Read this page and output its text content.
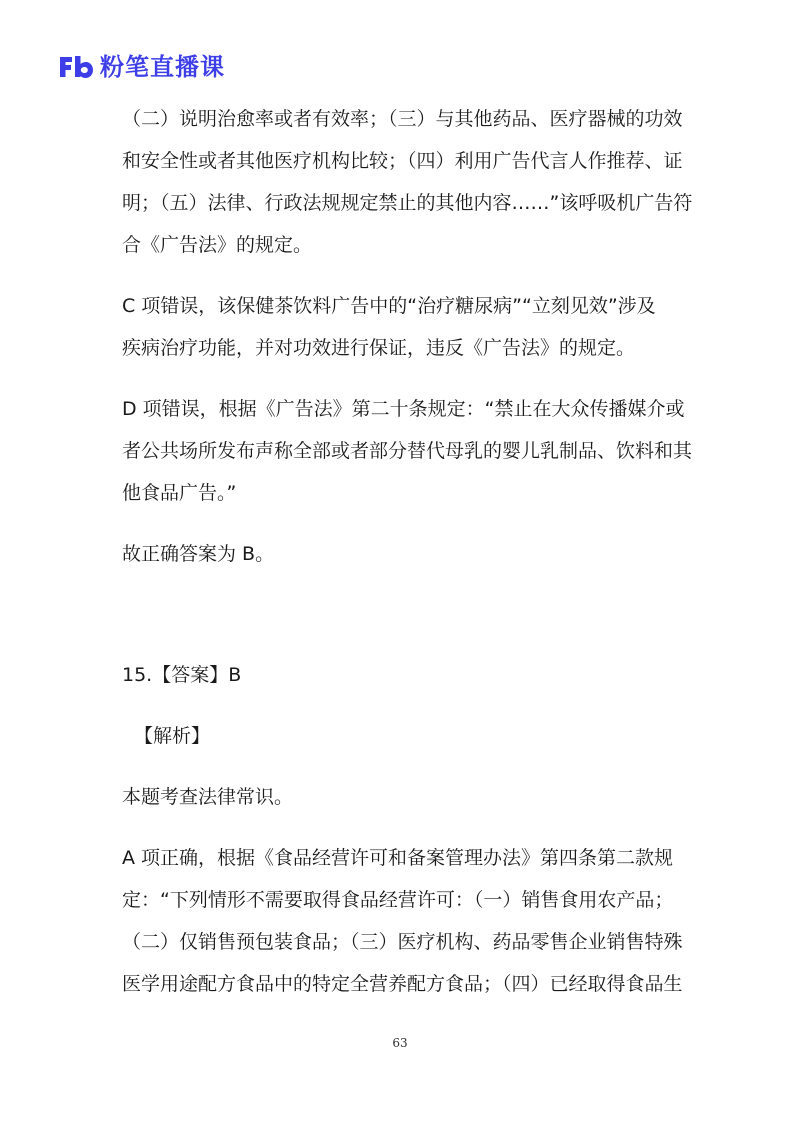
粉笔直播课
（二）说明治愈率或者有效率；（三）与其他药品、医疗器械的功效
和安全性或者其他医疗机构比较；（四）利用广告代言人作推荐、证
明；（五）法律、行政法规规定禁止的其他内容……”该呼吸机广告符
合《广告法》的规定。
C 项错误，该保健茶饮料广告中的“治疗糖尿病”“立刻见效”涉及
疾病治疗功能，并对功效进行保证，违反《广告法》的规定。
D 项错误，根据《广告法》第二十条规定：“禁止在大众传播媒介或
者公共场所发布声称全部或者部分替代母乳的婴儿乳制品、饮料和其
他食品广告。”
故正确答案为 B。
15.【答案】B
【解析】
本题考查法律常识。
A 项正确，根据《食品经营许可和备案管理办法》第四条第二款规
定：“下列情形不需要取得食品经营许可：（一）销售食用农产品；
（二）仅销售预包装食品；（三）医疗机构、药品零售企业销售特殊
医学用途配方食品中的特定全营养配方食品；（四）已经取得食品生
63
